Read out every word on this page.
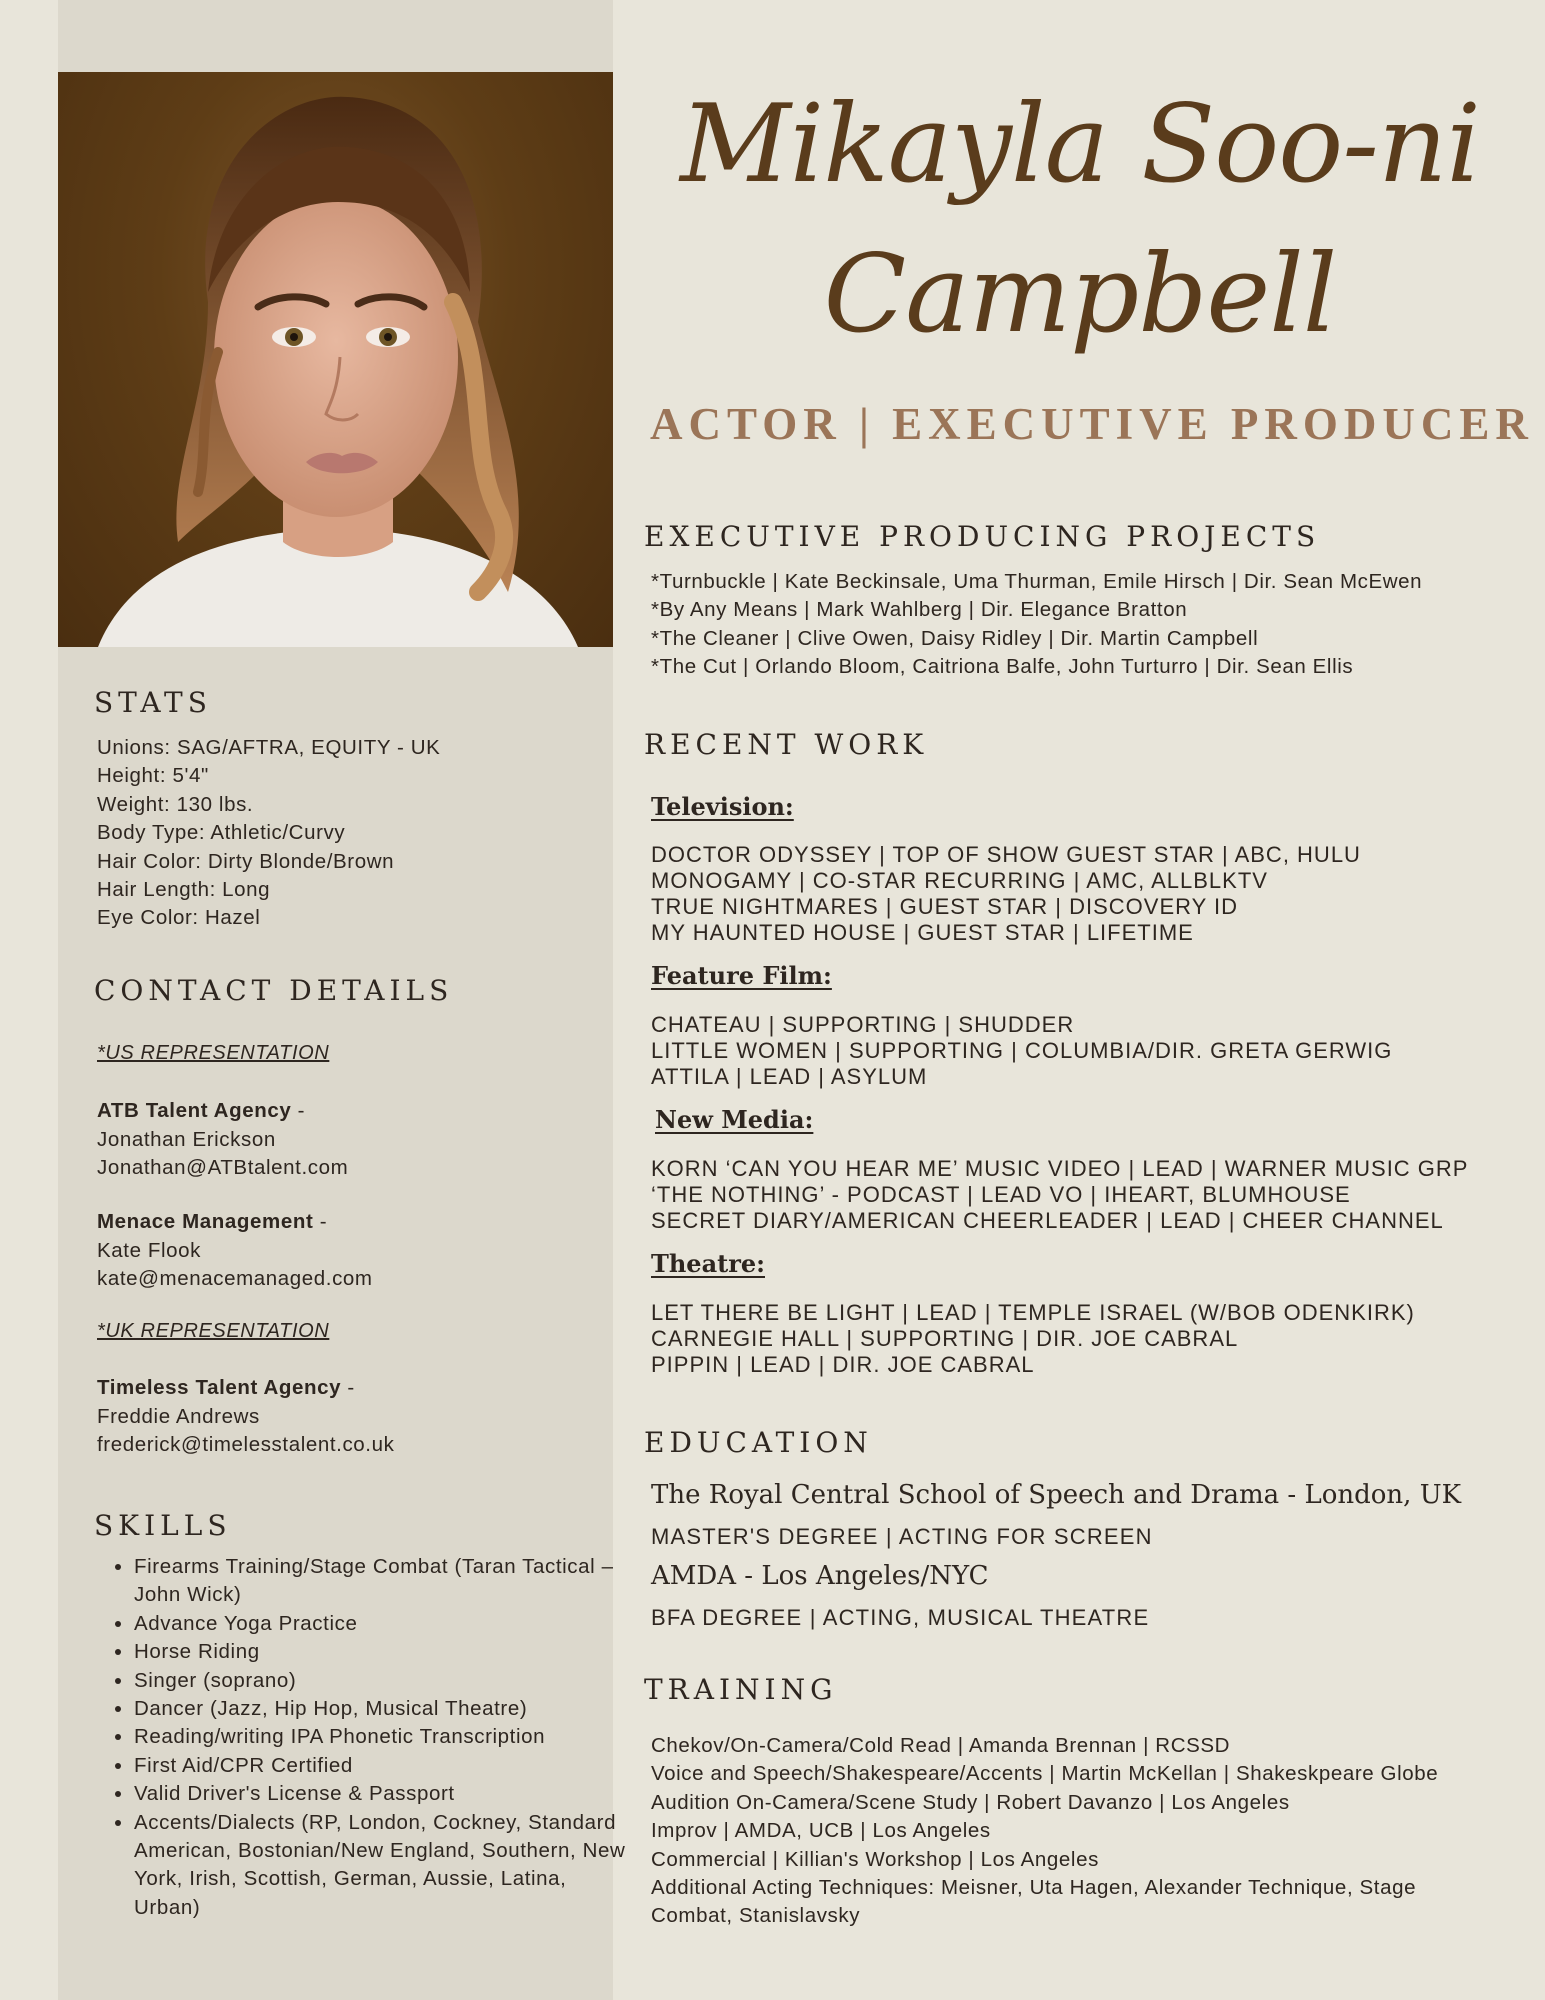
Mikayla Soo-ni
Campbell
ACTOR | EXECUTIVE PRODUCER
STATS
Unions: SAG/AFTRA, EQUITY - UK
Height: 5'4"
Weight: 130 lbs.
Body Type: Athletic/Curvy
Hair Color: Dirty Blonde/Brown
Hair Length: Long
Eye Color: Hazel
CONTACT DETAILS
*US REPRESENTATION
ATB Talent Agency -
Jonathan Erickson
Jonathan@ATBtalent.com
Menace Management -
Kate Flook
kate@menacemanaged.com
*UK REPRESENTATION
Timeless Talent Agency -
Freddie Andrews
frederick@timelesstalent.co.uk
SKILLS
• Firearms Training/Stage Combat (Taran Tactical – John Wick)
• Advance Yoga Practice
• Horse Riding
• Singer (soprano)
• Dancer (Jazz, Hip Hop, Musical Theatre)
• Reading/writing IPA Phonetic Transcription
• First Aid/CPR Certified
• Valid Driver's License & Passport
• Accents/Dialects (RP, London, Cockney, Standard American, Bostonian/New England, Southern, New York, Irish, Scottish, German, Aussie, Latina, Urban)
EXECUTIVE PRODUCING PROJECTS
*Turnbuckle | Kate Beckinsale, Uma Thurman, Emile Hirsch | Dir. Sean McEwen
*By Any Means | Mark Wahlberg | Dir. Elegance Bratton
*The Cleaner | Clive Owen, Daisy Ridley | Dir. Martin Campbell
*The Cut | Orlando Bloom, Caitriona Balfe, John Turturro | Dir. Sean Ellis
RECENT WORK
Television:
DOCTOR ODYSSEY | TOP OF SHOW GUEST STAR | ABC, HULU
MONOGAMY | CO-STAR RECURRING | AMC, ALLBLKTV
TRUE NIGHTMARES | GUEST STAR | DISCOVERY ID
MY HAUNTED HOUSE | GUEST STAR | LIFETIME
Feature Film:
CHATEAU | SUPPORTING | SHUDDER
LITTLE WOMEN | SUPPORTING | COLUMBIA/DIR. GRETA GERWIG
ATTILA | LEAD | ASYLUM
New Media:
KORN ‘CAN YOU HEAR ME’ MUSIC VIDEO | LEAD | WARNER MUSIC GRP
‘THE NOTHING’ - PODCAST | LEAD VO | IHEART, BLUMHOUSE
SECRET DIARY/AMERICAN CHEERLEADER | LEAD | CHEER CHANNEL
Theatre:
LET THERE BE LIGHT | LEAD | TEMPLE ISRAEL (W/BOB ODENKIRK)
CARNEGIE HALL | SUPPORTING | DIR. JOE CABRAL
PIPPIN | LEAD | DIR. JOE CABRAL
EDUCATION
The Royal Central School of Speech and Drama - London, UK
MASTER'S DEGREE | ACTING FOR SCREEN
AMDA - Los Angeles/NYC
BFA DEGREE | ACTING, MUSICAL THEATRE
TRAINING
Chekov/On-Camera/Cold Read | Amanda Brennan | RCSSD
Voice and Speech/Shakespeare/Accents | Martin McKellan | Shakeskpeare Globe
Audition On-Camera/Scene Study | Robert Davanzo | Los Angeles
Improv | AMDA, UCB | Los Angeles
Commercial | Killian's Workshop | Los Angeles
Additional Acting Techniques: Meisner, Uta Hagen, Alexander Technique, Stage
Combat, Stanislavsky
